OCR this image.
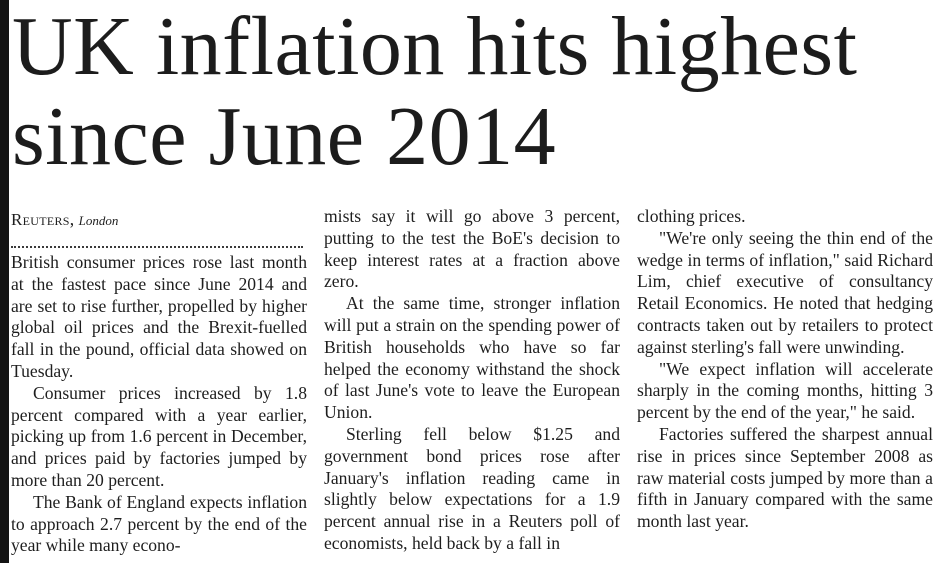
UK inflation hits highest since June 2014
Reuters, London

British consumer prices rose last month at the fastest pace since June 2014 and are set to rise further, propelled by higher global oil prices and the Brexit-fuelled fall in the pound, official data showed on Tuesday.

Consumer prices increased by 1.8 percent compared with a year earlier, picking up from 1.6 percent in December, and prices paid by factories jumped by more than 20 percent.

The Bank of England expects inflation to approach 2.7 percent by the end of the year while many econo-

mists say it will go above 3 percent, putting to the test the BoE's decision to keep interest rates at a fraction above zero.

At the same time, stronger inflation will put a strain on the spending power of British households who have so far helped the economy withstand the shock of last June's vote to leave the European Union.

Sterling fell below $1.25 and government bond prices rose after January's inflation reading came in slightly below expectations for a 1.9 percent annual rise in a Reuters poll of economists, held back by a fall in

clothing prices.

"We're only seeing the thin end of the wedge in terms of inflation," said Richard Lim, chief executive of consultancy Retail Economics. He noted that hedging contracts taken out by retailers to protect against sterling's fall were unwinding.

"We expect inflation will accelerate sharply in the coming months, hitting 3 percent by the end of the year," he said.

Factories suffered the sharpest annual rise in prices since September 2008 as raw material costs jumped by more than a fifth in January compared with the same month last year.
